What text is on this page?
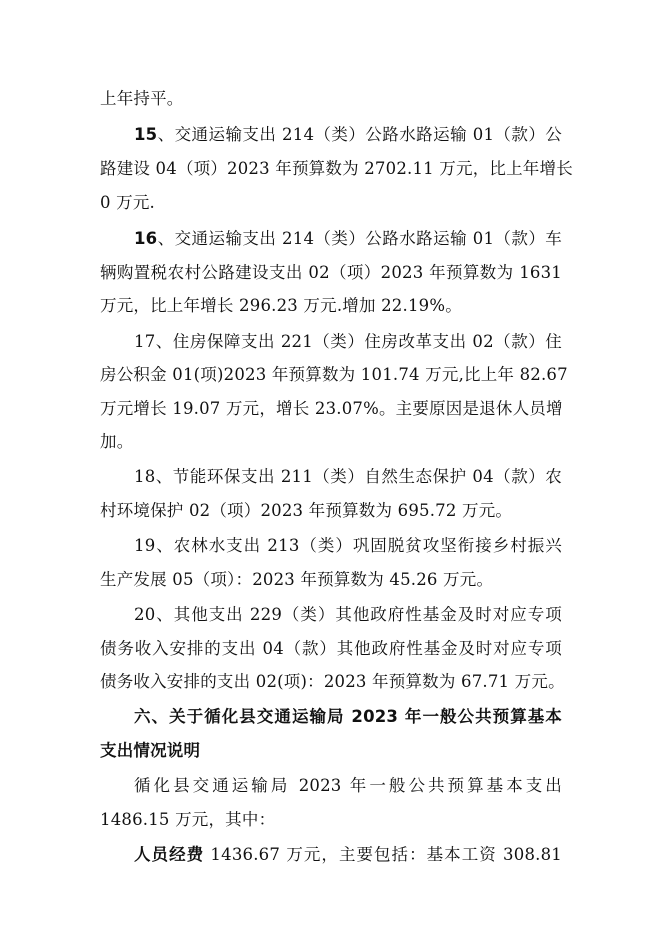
上年持平。
15、交通运输支出 214（类）公路水路运输 01（款）公
路建设 04（项）2023 年预算数为 2702.11 万元，比上年增长
0 万元.
16、交通运输支出 214（类）公路水路运输 01（款）车
辆购置税农村公路建设支出 02（项）2023 年预算数为 1631
万元，比上年增长 296.23 万元.增加 22.19%。
17、住房保障支出 221（类）住房改革支出 02（款）住
房公积金 01(项)2023 年预算数为 101.74 万元,比上年 82.67
万元增长 19.07 万元，增长 23.07%。主要原因是退休人员增
加。
18、节能环保支出 211（类）自然生态保护 04（款）农
村环境保护 02（项）2023 年预算数为 695.72 万元。
19、农林水支出 213（类）巩固脱贫攻坚衔接乡村振兴
生产发展 05（项）：2023 年预算数为 45.26 万元。
20、其他支出 229（类）其他政府性基金及时对应专项
债务收入安排的支出 04（款）其他政府性基金及时对应专项
债务收入安排的支出 02(项)：2023 年预算数为 67.71 万元。
六、关于循化县交通运输局 2023 年一般公共预算基本
支出情况说明
循化县交通运输局 2023 年一般公共预算基本支出
1486.15 万元，其中：
人员经费 1436.67 万元，主要包括：基本工资 308.81
